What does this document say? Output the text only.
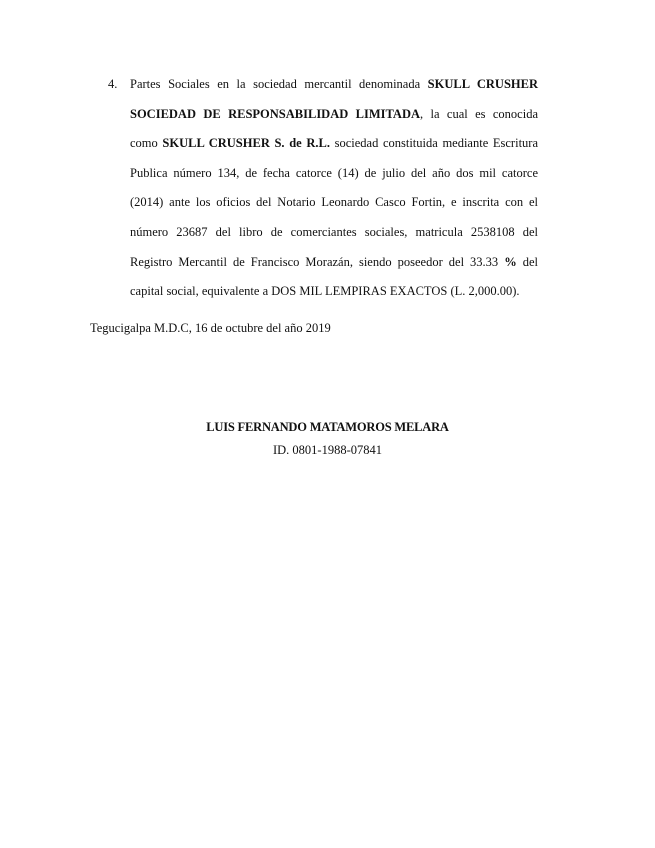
4. Partes Sociales en la sociedad mercantil denominada SKULL CRUSHER SOCIEDAD DE RESPONSABILIDAD LIMITADA, la cual es conocida como SKULL CRUSHER S. de R.L. sociedad constituida mediante Escritura Publica número 134, de fecha catorce (14) de julio del año dos mil catorce (2014) ante los oficios del Notario Leonardo Casco Fortin, e inscrita con el número 23687 del libro de comerciantes sociales, matricula 2538108 del Registro Mercantil de Francisco Morazán, siendo poseedor del 33.33 % del capital social, equivalente a DOS MIL LEMPIRAS EXACTOS (L. 2,000.00).
Tegucigalpa M.D.C, 16 de octubre del año 2019
LUIS FERNANDO MATAMOROS MELARA
ID. 0801-1988-07841
